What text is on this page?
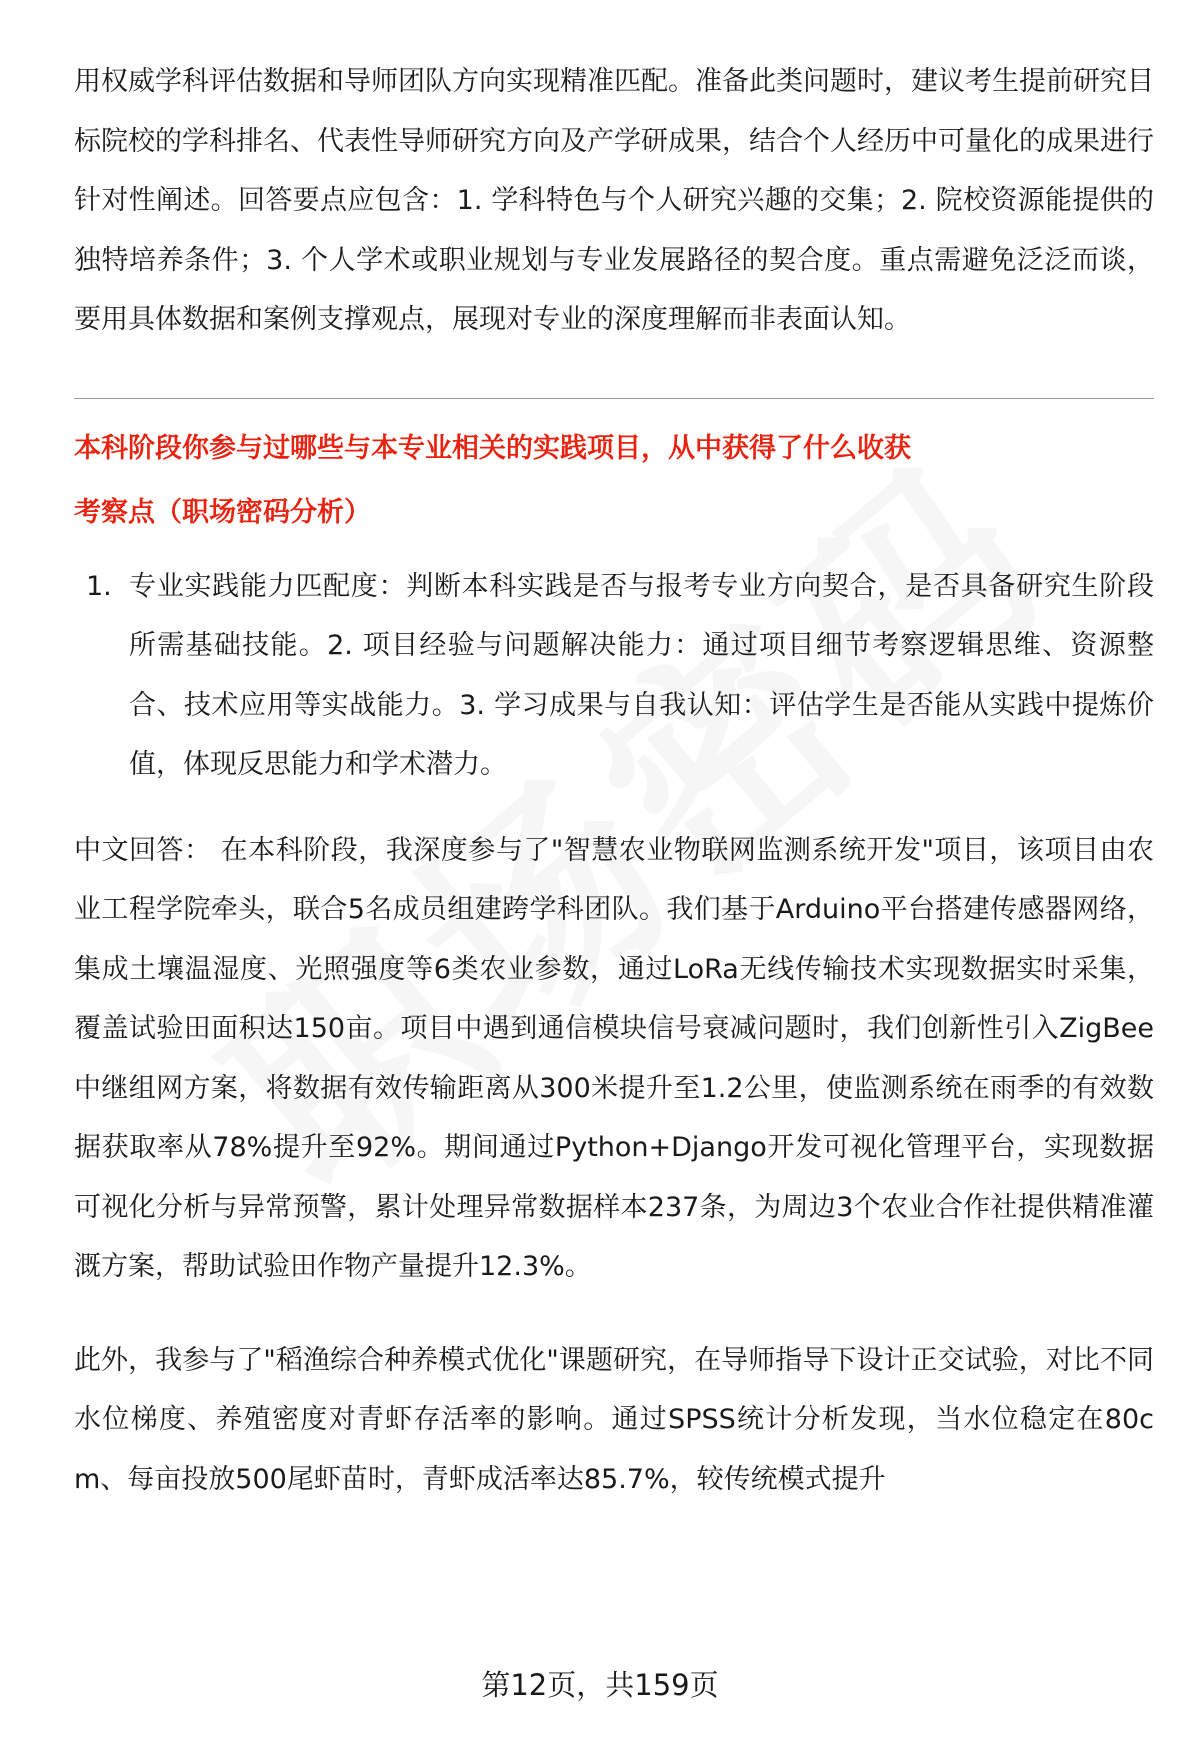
用权威学科评估数据和导师团队方向实现精准匹配。准备此类问题时，建议考生提前研究目标院校的学科排名、代表性导师研究方向及产学研成果，结合个人经历中可量化的成果进行针对性阐述。回答要点应包含：1. 学科特色与个人研究兴趣的交集；2. 院校资源能提供的独特培养条件；3. 个人学术或职业规划与专业发展路径的契合度。重点需避免泛泛而谈，要用具体数据和案例支撑观点，展现对专业的深度理解而非表面认知。

本科阶段你参与过哪些与本专业相关的实践项目，从中获得了什么收获
考察点（职场密码分析）
1. 专业实践能力匹配度：判断本科实践是否与报考专业方向契合，是否具备研究生阶段所需基础技能。2. 项目经验与问题解决能力：通过项目细节考察逻辑思维、资源整合、技术应用等实战能力。3. 学习成果与自我认知：评估学生是否能从实践中提炼价值，体现反思能力和学术潜力。

中文回答： 在本科阶段，我深度参与了"智慧农业物联网监测系统开发"项目，该项目由农业工程学院牵头，联合5名成员组建跨学科团队。我们基于Arduino平台搭建传感器网络，集成土壤温湿度、光照强度等6类农业参数，通过LoRa无线传输技术实现数据实时采集，覆盖试验田面积达150亩。项目中遇到通信模块信号衰减问题时，我们创新性引入ZigBee中继组网方案，将数据有效传输距离从300米提升至1.2公里，使监测系统在雨季的有效数据获取率从78%提升至92%。期间通过Python+Django开发可视化管理平台，实现数据可视化分析与异常预警，累计处理异常数据样本237条，为周边3个农业合作社提供精准灌溉方案，帮助试验田作物产量提升12.3%。

此外，我参与了"稻渔综合种养模式优化"课题研究，在导师指导下设计正交试验，对比不同水位梯度、养殖密度对青虾存活率的影响。通过SPSS统计分析发现，当水位稳定在80cm、每亩投放500尾虾苗时，青虾成活率达85.7%，较传统模式提升

第12页，共159页
